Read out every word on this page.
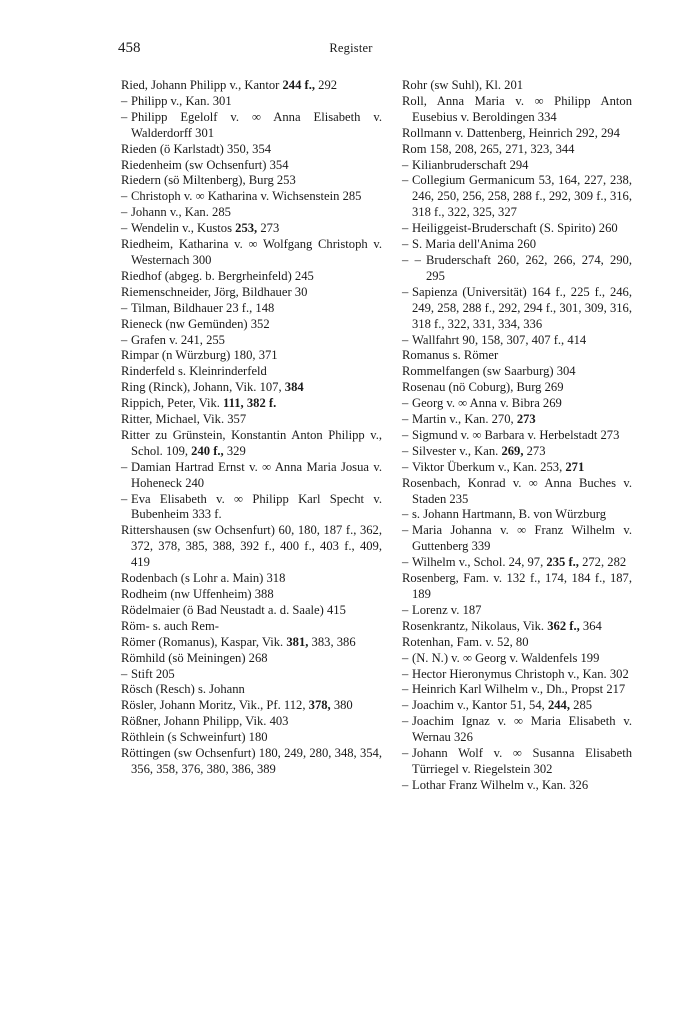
458	Register
Ried, Johann Philipp v., Kantor 244 f., 292
– Philipp v., Kan. 301
– Philipp Egelolf v. ∞ Anna Elisabeth v. Walderdorff 301
Rieden (ö Karlstadt) 350, 354
Riedenheim (sw Ochsenfurt) 354
Riedern (sö Miltenberg), Burg 253
– Christoph v. ∞ Katharina v. Wichsenstein 285
– Johann v., Kan. 285
– Wendelin v., Kustos 253, 273
Riedheim, Katharina v. ∞ Wolfgang Christoph v. Westernach 300
Riedhof (abgeg. b. Bergrheinfeld) 245
Riemenschneider, Jörg, Bildhauer 30
– Tilman, Bildhauer 23 f., 148
Rieneck (nw Gemünden) 352
– Grafen v. 241, 255
Rimpar (n Würzburg) 180, 371
Rinderfeld s. Kleinrinderfeld
Ring (Rinck), Johann, Vik. 107, 384
Rippich, Peter, Vik. 111, 382 f.
Ritter, Michael, Vik. 357
Ritter zu Grünstein, Konstantin Anton Philipp v., Schol. 109, 240 f., 329
– Damian Hartrad Ernst v. ∞ Anna Maria Josua v. Hoheneck 240
– Eva Elisabeth v. ∞ Philipp Karl Specht v. Bubenheim 333 f.
Rittershausen (sw Ochsenfurt) 60, 180, 187 f., 362, 372, 378, 385, 388, 392 f., 400 f., 403 f., 409, 419
Rodenbach (s Lohr a. Main) 318
Rodheim (nw Uffenheim) 388
Rödelmaier (ö Bad Neustadt a. d. Saale) 415
Röm- s. auch Rem-
Römer (Romanus), Kaspar, Vik. 381, 383, 386
Römhild (sö Meiningen) 268
– Stift 205
Rösch (Resch) s. Johann
Rösler, Johann Moritz, Vik., Pf. 112, 378, 380
Rößner, Johann Philipp, Vik. 403
Röthlein (s Schweinfurt) 180
Röttingen (sw Ochsenfurt) 180, 249, 280, 348, 354, 356, 358, 376, 380, 386, 389
Rohr (sw Suhl), Kl. 201
Roll, Anna Maria v. ∞ Philipp Anton Eusebius v. Beroldingen 334
Rollmann v. Dattenberg, Heinrich 292, 294
Rom 158, 208, 265, 271, 323, 344
– Kilianbruderschaft 294
– Collegium Germanicum 53, 164, 227, 238, 246, 250, 256, 258, 288 f., 292, 309 f., 316, 318 f., 322, 325, 327
– Heiliggeist-Bruderschaft (S. Spirito) 260
– S. Maria dell'Anima 260
– – Bruderschaft 260, 262, 266, 274, 290, 295
– Sapienza (Universität) 164 f., 225 f., 246, 249, 258, 288 f., 292, 294 f., 301, 309, 316, 318 f., 322, 331, 334, 336
– Wallfahrt 90, 158, 307, 407 f., 414
Romanus s. Römer
Rommelfangen (sw Saarburg) 304
Rosenau (nö Coburg), Burg 269
– Georg v. ∞ Anna v. Bibra 269
– Martin v., Kan. 270, 273
– Sigmund v. ∞ Barbara v. Herbelstadt 273
– Silvester v., Kan. 269, 273
– Viktor Überkum v., Kan. 253, 271
Rosenbach, Konrad v. ∞ Anna Buches v. Staden 235
– s. Johann Hartmann, B. von Würzburg
– Maria Johanna v. ∞ Franz Wilhelm v. Guttenberg 339
– Wilhelm v., Schol. 24, 97, 235 f., 272, 282
Rosenberg, Fam. v. 132 f., 174, 184 f., 187, 189
– Lorenz v. 187
Rosenkrantz, Nikolaus, Vik. 362 f., 364
Rotenhan, Fam. v. 52, 80
– (N. N.) v. ∞ Georg v. Waldenfels 199
– Hector Hieronymus Christoph v., Kan. 302
– Heinrich Karl Wilhelm v., Dh., Propst 217
– Joachim v., Kantor 51, 54, 244, 285
– Joachim Ignaz v. ∞ Maria Elisabeth v. Wernau 326
– Johann Wolf v. ∞ Susanna Elisabeth Türriegel v. Riegelstein 302
– Lothar Franz Wilhelm v., Kan. 326
